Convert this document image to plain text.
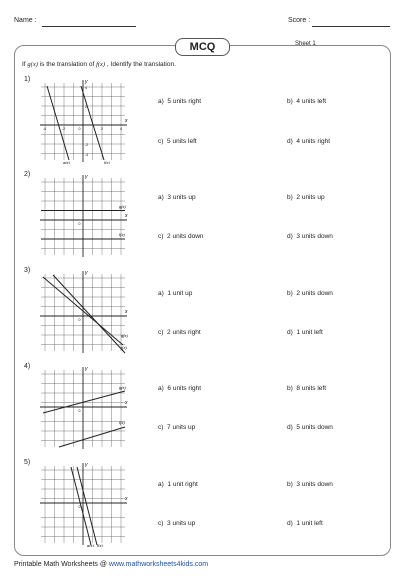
Name :	Score :
MCQ	Sheet 1
If g(x) is the translation of f(x) , Identify the translation.
1)	y
x
0
-4	-2	2	4
4
2
-2
-4
g(x)	f(x)
a) 5 units right	b) 4 units left
c) 5 units left	d) 4 units right
2)	y
x
0
g(x)
f(x)
a) 3 units up	b) 2 units up
c) 2 units down	d) 3 units down
3)	y
x
0
g(x)
f(x)
a) 1 unit up	b) 2 units down
c) 2 units right	d) 1 unit left
4)	y
x
0
g(x)
f(x)
a) 6 units right	b) 8 units left
c) 7 units up	d) 5 units down
5)	y
x
0
g(x) f(x)
a) 1 unit right	b) 3 units down
c) 3 units up	d) 1 unit left
Printable Math Worksheets @ www.mathworksheets4kids.com
